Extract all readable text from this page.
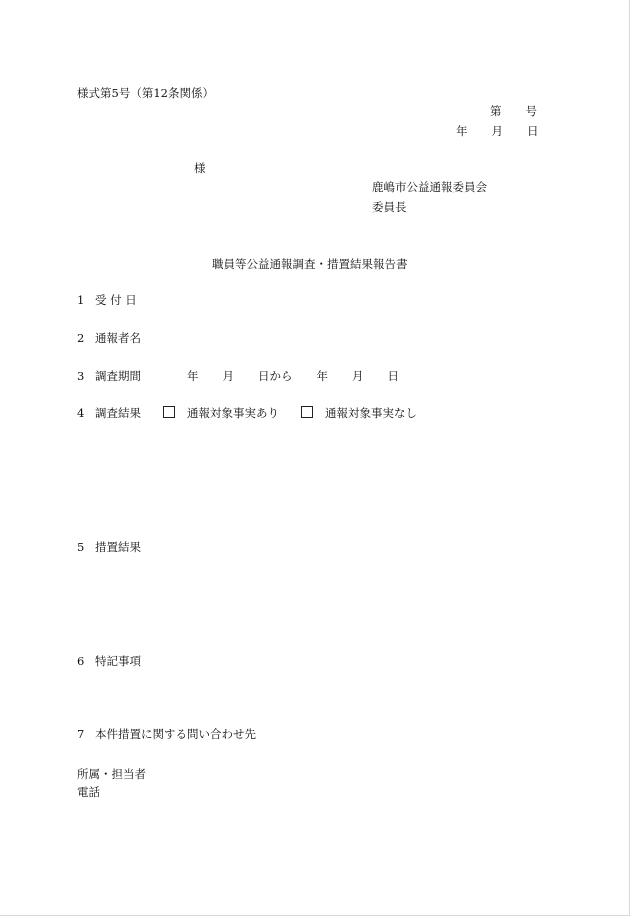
様式第5号（第12条関係）
第 号
年 月 日
様
鹿嶋市公益通報委員会
委員長
職員等公益通報調査・措置結果報告書
1 受 付 日
2 通報者名
3 調査期間	年 月 日から 年 月 日
4 調査結果	通報対象事実あり	通報対象事実なし
5 措置結果
6 特記事項
7 本件措置に関する問い合わせ先
所属・担当者
電話
